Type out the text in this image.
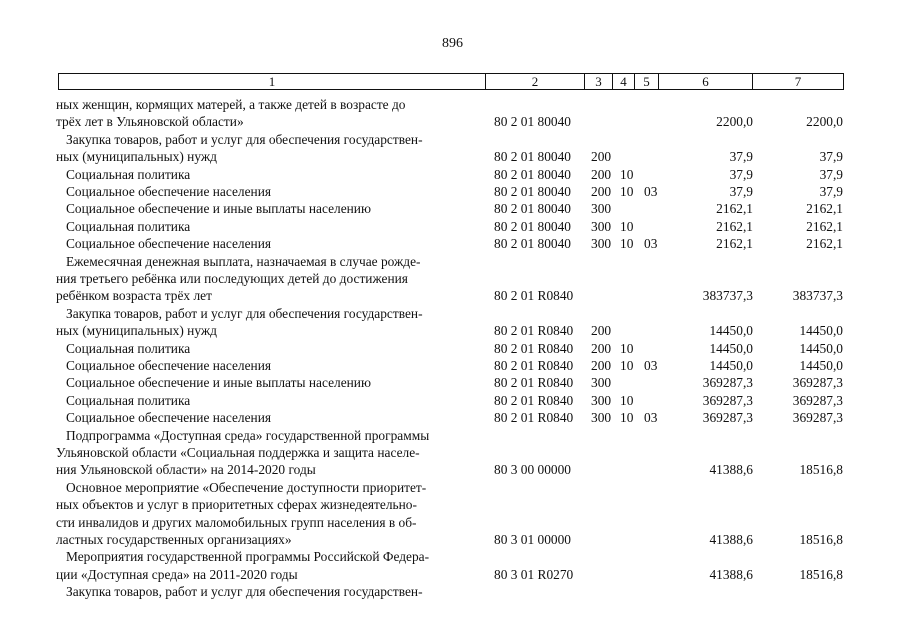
896
1	2	3	4	5	6	7
ных женщин, кормящих матерей, а также детей в возрасте до
трёх лет в Ульяновской области»	80 2 01 80040	2200,0	2200,0
Закупка товаров, работ и услуг для обеспечения государствен-
ных (муниципальных) нужд	80 2 01 80040 200	37,9	37,9
Социальная политика	80 2 01 80040 200 10	37,9	37,9
Социальное обеспечение населения	80 2 01 80040 200 10 03	37,9	37,9
Социальное обеспечение и иные выплаты населению	80 2 01 80040 300	2162,1	2162,1
Социальная политика	80 2 01 80040 300 10	2162,1	2162,1
Социальное обеспечение населения	80 2 01 80040 300 10 03	2162,1	2162,1
Ежемесячная денежная выплата, назначаемая в случае рожде-
ния третьего ребёнка или последующих детей до достижения
ребёнком возраста трёх лет	80 2 01 R0840	383737,3	383737,3
Закупка товаров, работ и услуг для обеспечения государствен-
ных (муниципальных) нужд	80 2 01 R0840 200	14450,0	14450,0
Социальная политика	80 2 01 R0840 200 10	14450,0	14450,0
Социальное обеспечение населения	80 2 01 R0840 200 10 03	14450,0	14450,0
Социальное обеспечение и иные выплаты населению	80 2 01 R0840 300	369287,3	369287,3
Социальная политика	80 2 01 R0840 300 10	369287,3	369287,3
Социальное обеспечение населения	80 2 01 R0840 300 10 03	369287,3	369287,3
Подпрограмма «Доступная среда» государственной программы
Ульяновской области «Социальная поддержка и защита населе-
ния Ульяновской области» на 2014-2020 годы	80 3 00 00000	41388,6	18516,8
Основное мероприятие «Обеспечение доступности приоритет-
ных объектов и услуг в приоритетных сферах жизнедеятельно-
сти инвалидов и других маломобильных групп населения в об-
ластных государственных организациях»	80 3 01 00000	41388,6	18516,8
Мероприятия государственной программы Российской Федера-
ции «Доступная среда» на 2011-2020 годы	80 3 01 R0270	41388,6	18516,8
Закупка товаров, работ и услуг для обеспечения государствен-
